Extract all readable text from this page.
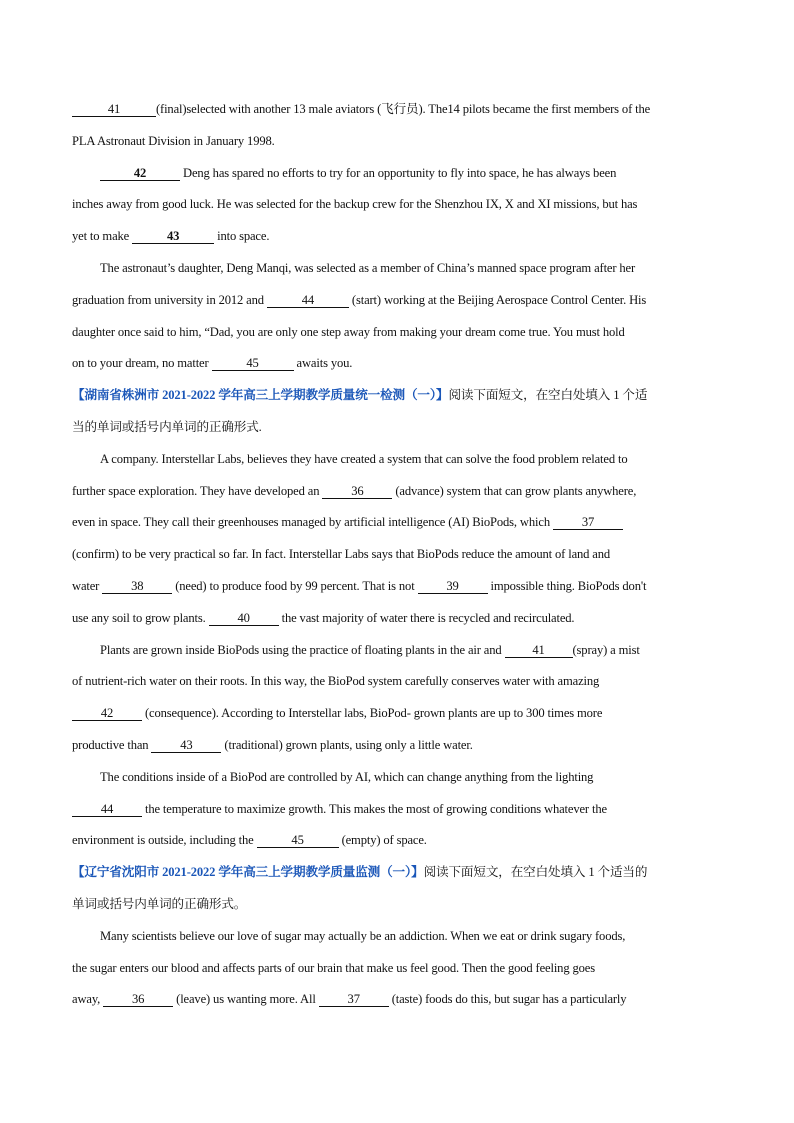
41	(final)selected with another 13 male aviators (飞行员). The14 pilots became the first members of the
PLA Astronaut Division in January 1998.
42	Deng has spared no efforts to try for an opportunity to fly into space, he has always been
inches away from good luck. He was selected for the backup crew for the Shenzhou IX, X and XI missions, but has
yet to make	43	into space.
The astronaut’s daughter, Deng Manqi, was selected as a member of China’s manned space program after her
graduation from university in 2012 and	44	(start) working at the Beijing Aerospace Control Center. His
daughter once said to him, “Dad, you are only one step away from making your dream come true. You must hold
on to your dream, no matter	45	awaits you.
【湖南省株洲市 2021-2022 学年高三上学期教学质量统一检测（一）】阅读下面短文，在空白处填入 1 个适
当的单词或括号内单词的正确形式.
A company. Interstellar Labs, believes they have created a system that can solve the food problem related to
further space exploration. They have developed an 36 (advance) system that can grow plants anywhere,
even in space. They call their greenhouses managed by artificial intelligence (AI) BioPods, which 37
(confirm) to be very practical so far. In fact. Interstellar Labs says that BioPods reduce the amount of land and
water 38 (need) to produce food by 99 percent. That is not 39 impossible thing. BioPods don't
use any soil to grow plants. 40 the vast majority of water there is recycled and recirculated.
Plants are grown inside BioPods using the practice of floating plants in the air and 41 (spray) a mist
of nutrient-rich water on their roots. In this way, the BioPod system carefully conserves water with amazing
42 (consequence). According to Interstellar labs, BioPod- grown plants are up to 300 times more
productive than 43 (traditional) grown plants, using only a little water.
The conditions inside of a BioPod are controlled by AI, which can change anything from the lighting
44 the temperature to maximize growth. This makes the most of growing conditions whatever the
environment is outside, including the	45	(empty) of space.
【辽宁省沈阳市 2021-2022 学年高三上学期教学质量监测（一）】阅读下面短文，在空白处填入 1 个适当的
单词或括号内单词的正确形式。
Many scientists believe our love of sugar may actually be an addiction. When we eat or drink sugary foods,
the sugar enters our blood and affects parts of our brain that make us feel good. Then the good feeling goes
away, 36 (leave) us wanting more. All 37 (taste) foods do this, but sugar has a particularly
